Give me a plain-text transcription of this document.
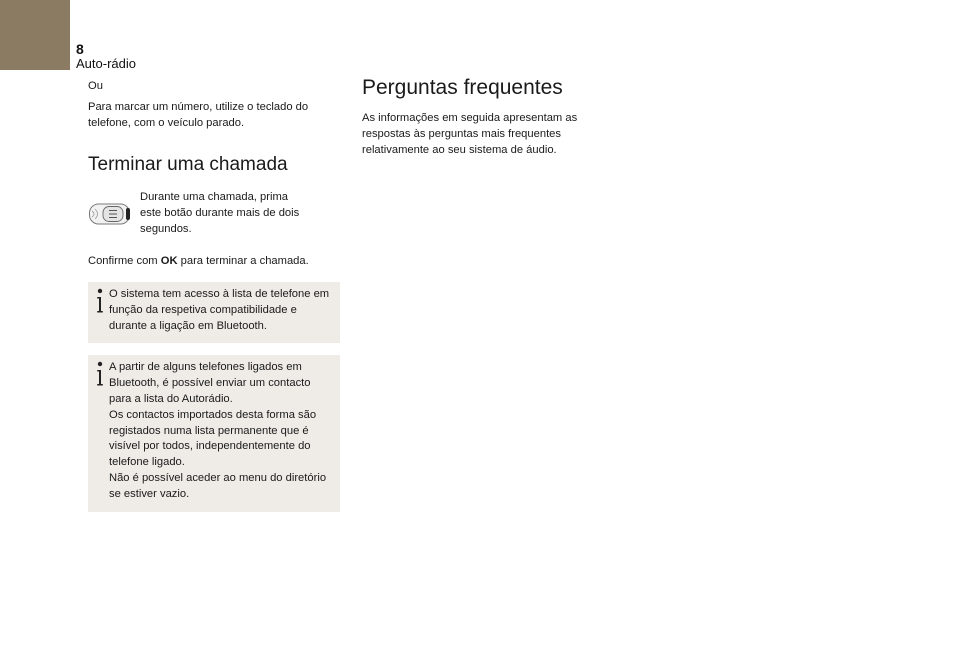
8
Auto-rádio

Ou

Para marcar um número, utilize o teclado do telefone, com o veículo parado.

Terminar uma chamada

Durante uma chamada, prima este botão durante mais de dois segundos.

Confirme com OK para terminar a chamada.

O sistema tem acesso à lista de telefone em função da respetiva compatibilidade e durante a ligação em Bluetooth.

A partir de alguns telefones ligados em Bluetooth, é possível enviar um contacto para a lista do Autorádio.

Os contactos importados desta forma são registados numa lista permanente que é visível por todos, independentemente do telefone ligado.

Não é possível aceder ao menu do diretório se estiver vazio.

Perguntas frequentes

As informações em seguida apresentam as respostas às perguntas mais frequentes relativamente ao seu sistema de áudio.
